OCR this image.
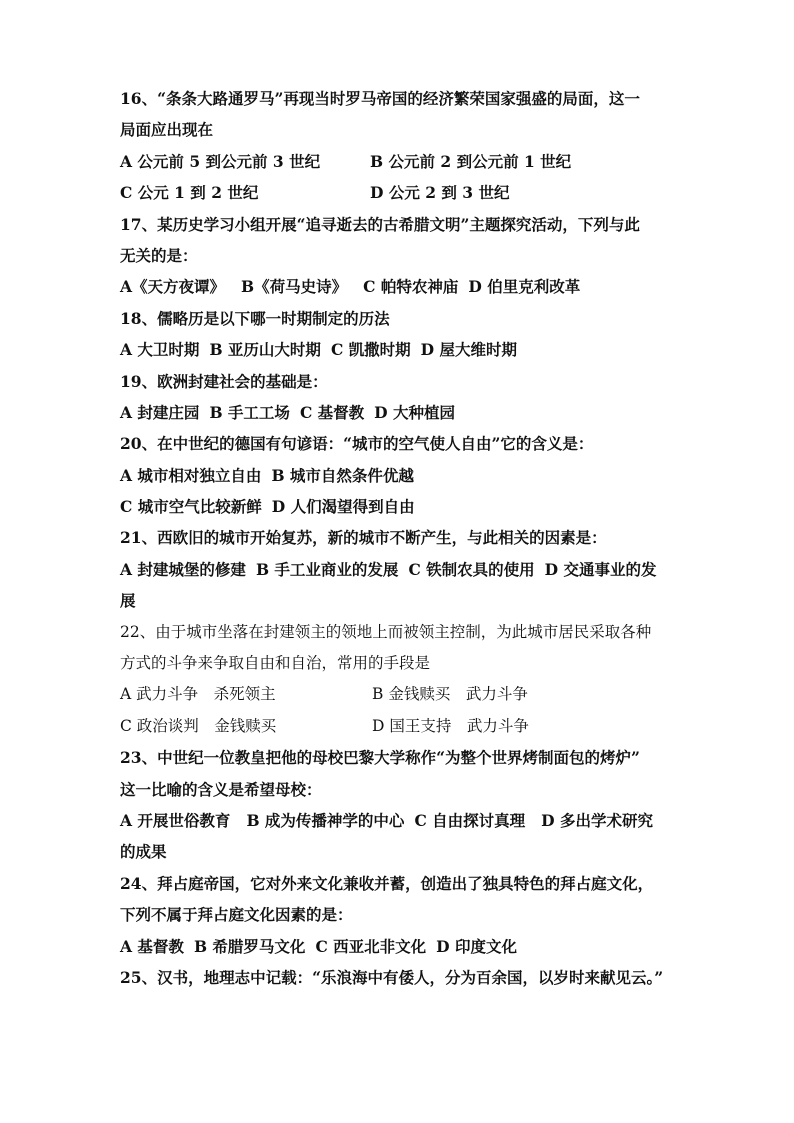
16、“条条大路通罗马”再现当时罗马帝国的经济繁荣国家强盛的局面，这一
局面应出现在
A 公元前 5 到公元前 3 世纪	B 公元前 2 到公元前 1 世纪
C 公元 1 到 2 世纪	D 公元 2 到 3 世纪
17、某历史学习小组开展“追寻逝去的古希腊文明”主题探究活动，下列与此
无关的是：
A《天方夜谭》 B《荷马史诗》 C 帕特农神庙 D 伯里克利改革
18、儒略历是以下哪一时期制定的历法
A 大卫时期 B 亚历山大时期 C 凯撒时期 D 屋大维时期
19、欧洲封建社会的基础是：
A 封建庄园 B 手工工场 C 基督教 D 大种植园
20、在中世纪的德国有句谚语：“城市的空气使人自由”它的含义是：
A 城市相对独立自由 B 城市自然条件优越
C 城市空气比较新鲜 D 人们渴望得到自由
21、西欧旧的城市开始复苏，新的城市不断产生，与此相关的因素是：
A 封建城堡的修建 B 手工业商业的发展 C 铁制农具的使用 D 交通事业的发
展
22、由于城市坐落在封建领主的领地上而被领主控制，为此城市居民采取各种
方式的斗争来争取自由和自治，常用的手段是
A 武力斗争　杀死领主	B 金钱赎买　武力斗争
C 政治谈判　金钱赎买	D 国王支持　武力斗争
23、中世纪一位教皇把他的母校巴黎大学称作“为整个世界烤制面包的烤炉”
这一比喻的含义是希望母校：
A 开展世俗教育 B 成为传播神学的中心 C 自由探讨真理 D 多出学术研究
的成果
24、拜占庭帝国，它对外来文化兼收并蓄，创造出了独具特色的拜占庭文化，
下列不属于拜占庭文化因素的是：
A 基督教 B 希腊罗马文化 C 西亚北非文化 D 印度文化
25、汉书，地理志中记载：“乐浪海中有倭人，分为百余国，以岁时来献见云。”
